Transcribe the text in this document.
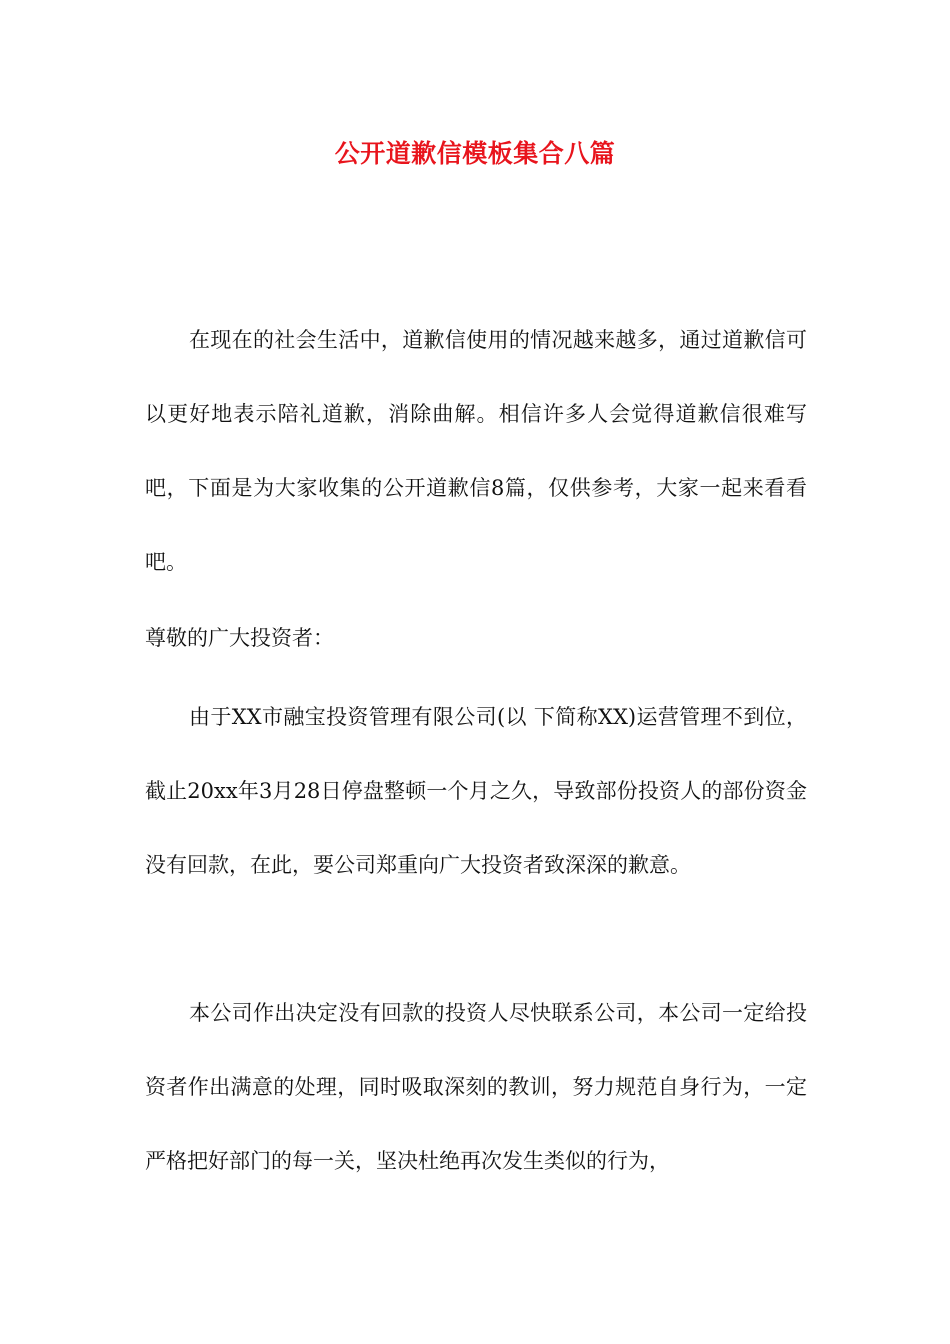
公开道歉信模板集合八篇

在现在的社会生活中，道歉信使用的情况越来越多，通过道歉信可以更好地表示陪礼道歉，消除曲解。相信许多人会觉得道歉信很难写吧，下面是为大家收集的公开道歉信8篇，仅供参考，大家一起来看看吧。

尊敬的广大投资者：

由于XX市融宝投资管理有限公司(以 下简称XX)运营管理不到位，截止20xx年3月28日停盘整顿一个月之久，导致部份投资人的部份资金没有回款，在此，要公司郑重向广大投资者致深深的歉意。

本公司作出决定没有回款的投资人尽快联系公司，本公司一定给投资者作出满意的处理，同时吸取深刻的教训，努力规范自身行为，一定严格把好部门的每一关，坚决杜绝再次发生类似的行为，
